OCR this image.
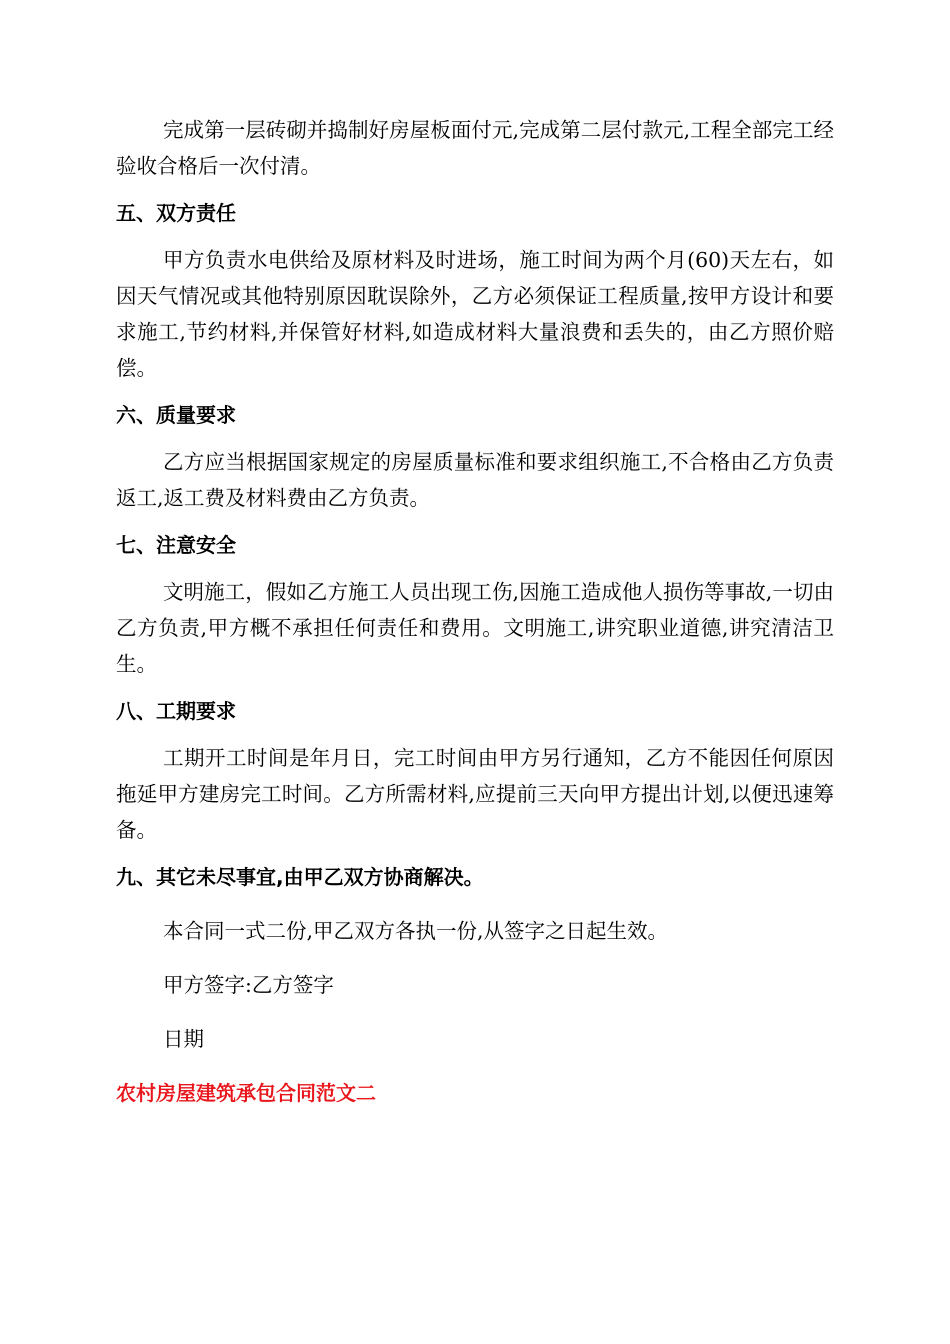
完成第一层砖砌并捣制好房屋板面付元,完成第二层付款元,工程全部完工经验收合格后一次付清。

五、双方责任

甲方负责水电供给及原材料及时进场，施工时间为两个月(60)天左右，如因天气情况或其他特别原因耽误除外，乙方必须保证工程质量,按甲方设计和要求施工,节约材料,并保管好材料,如造成材料大量浪费和丢失的，由乙方照价赔偿。

六、质量要求

乙方应当根据国家规定的房屋质量标准和要求组织施工,不合格由乙方负责返工,返工费及材料费由乙方负责。

七、注意安全

文明施工，假如乙方施工人员出现工伤,因施工造成他人损伤等事故,一切由乙方负责,甲方概不承担任何责任和费用。文明施工,讲究职业道德,讲究清洁卫生。

八、工期要求

工期开工时间是年月日，完工时间由甲方另行通知，乙方不能因任何原因拖延甲方建房完工时间。乙方所需材料,应提前三天向甲方提出计划,以便迅速筹备。

九、其它未尽事宜,由甲乙双方协商解决。

本合同一式二份,甲乙双方各执一份,从签字之日起生效。

甲方签字:乙方签字

日期

农村房屋建筑承包合同范文二
